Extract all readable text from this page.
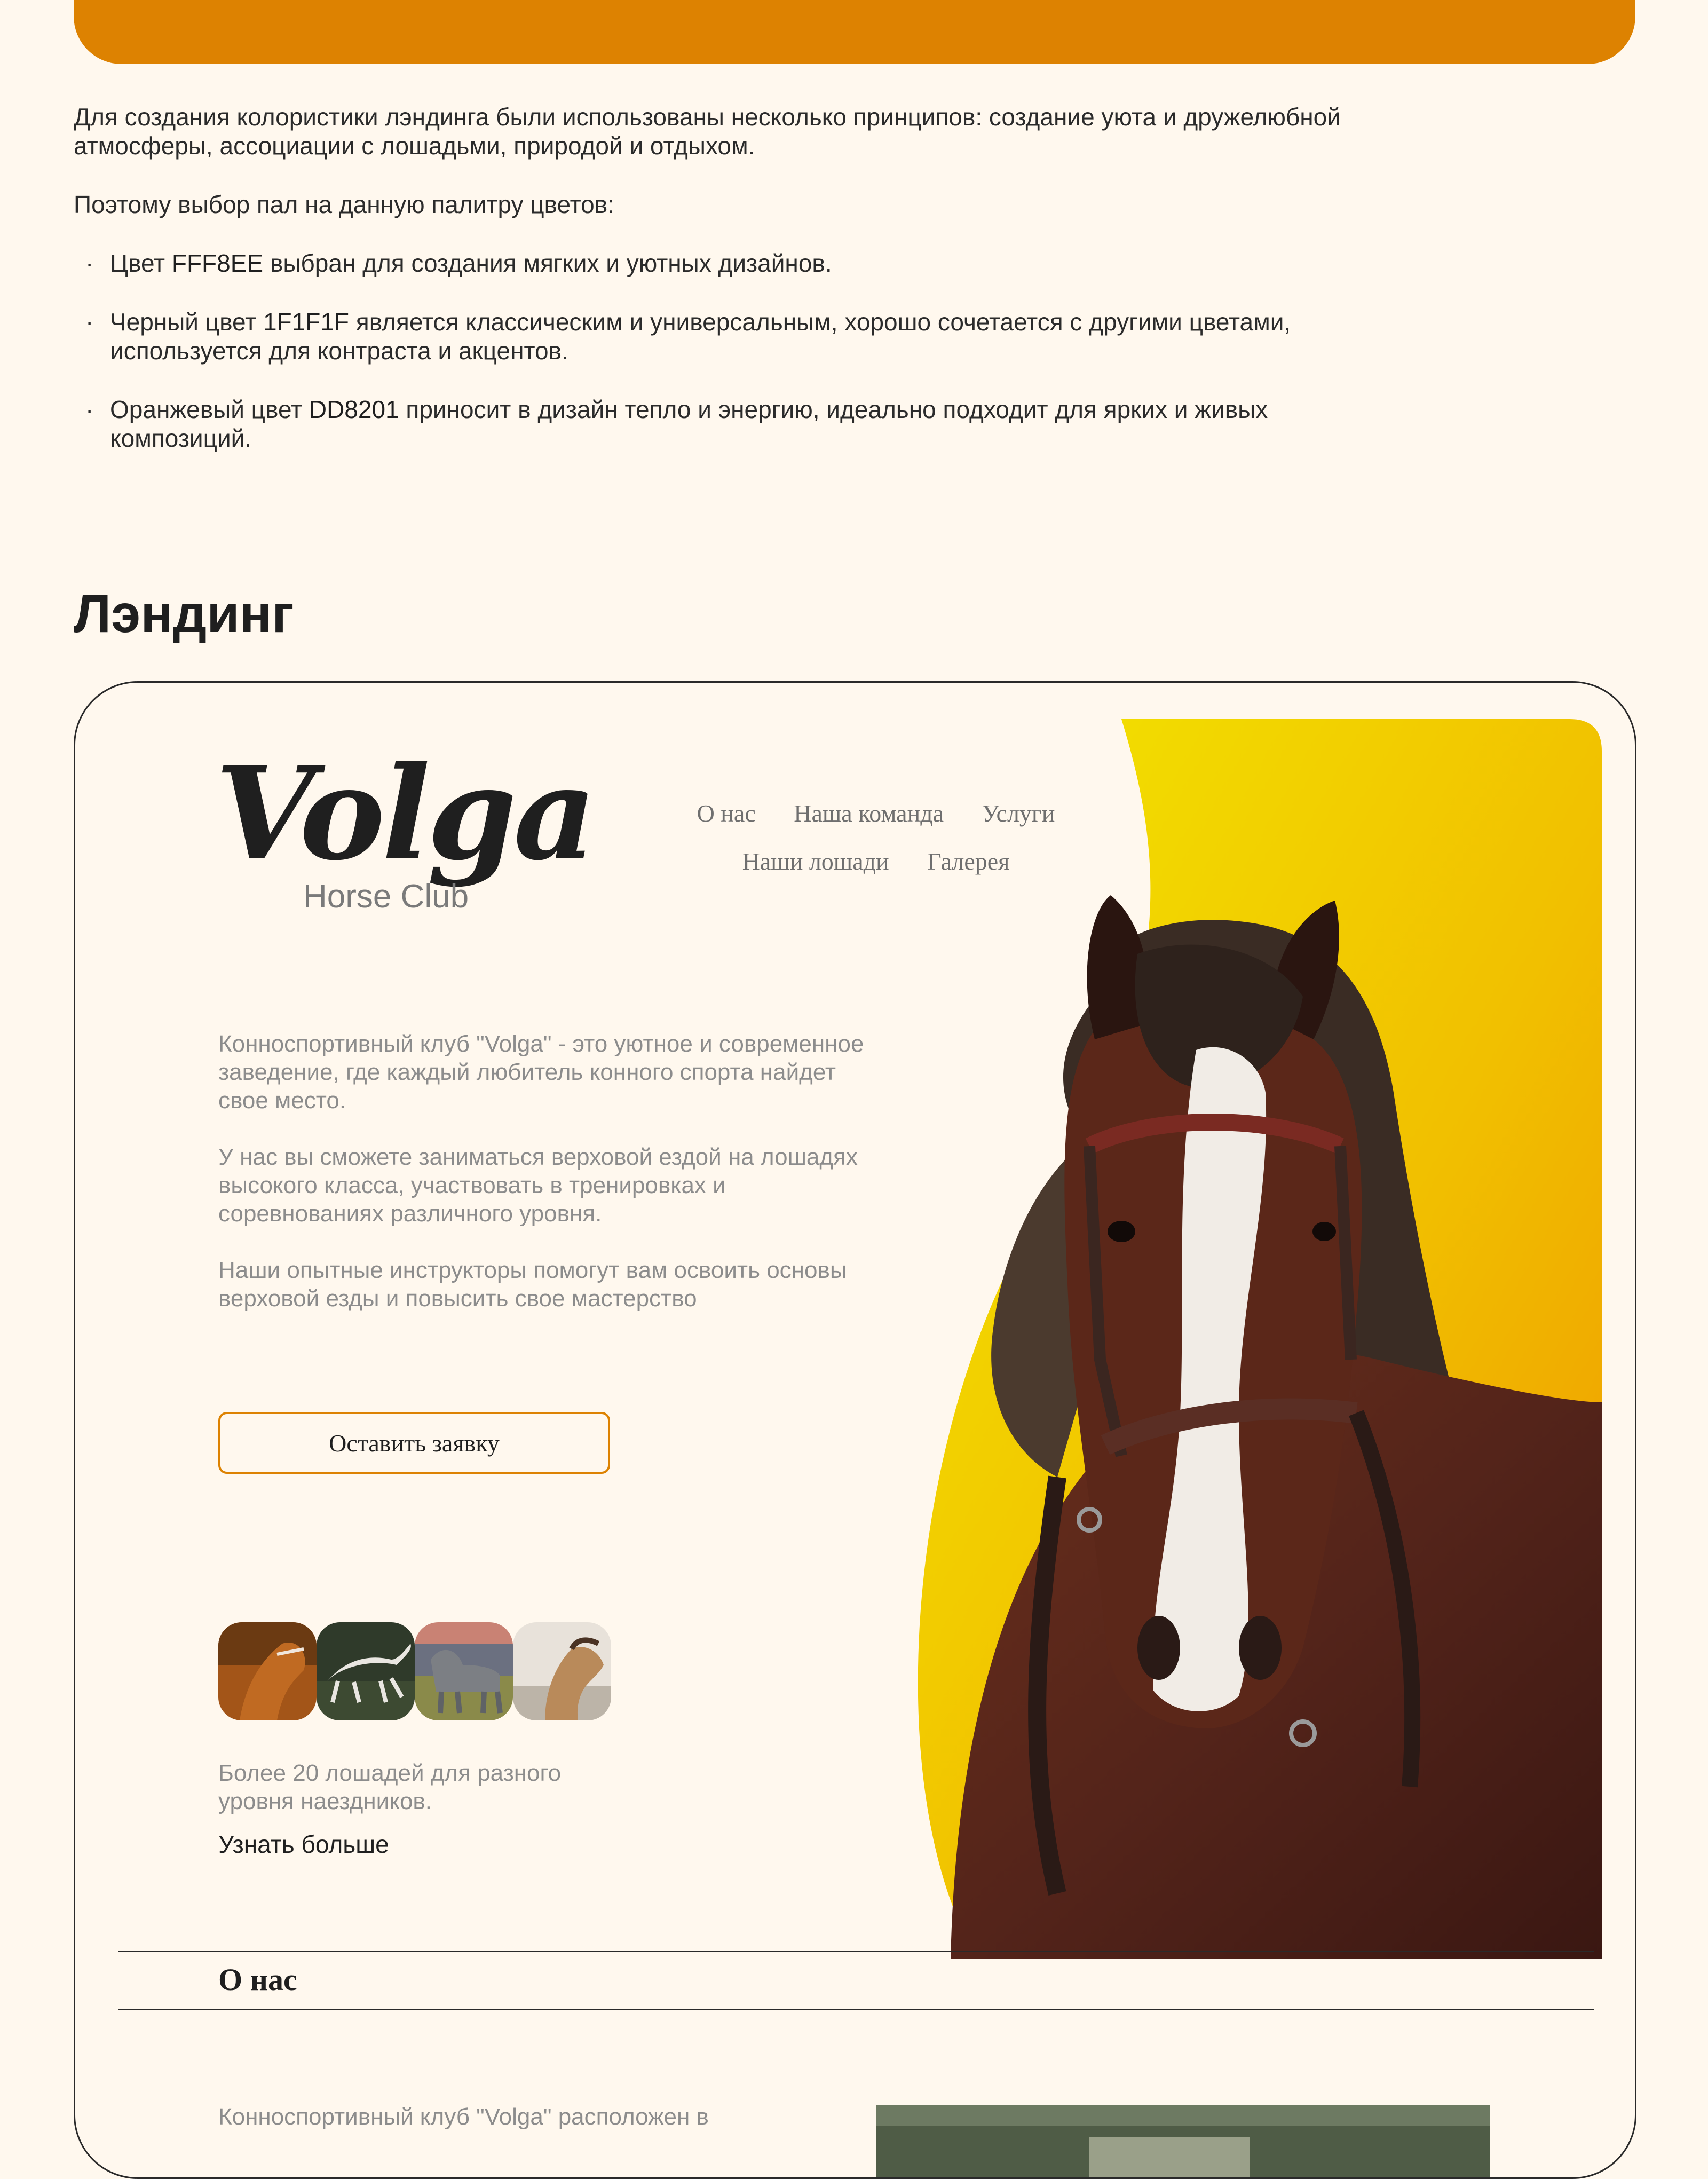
Для создания колористики лэндинга были использованы несколько принципов: создание уюта и дружелюбной атмосферы, ассоциации с лошадьми, природой и отдыхом.

Поэтому выбор пал на данную палитру цветов:

· Цвет FFF8EE выбран для создания мягких и уютных дизайнов.
· Черный цвет 1F1F1F является классическим и универсальным, хорошо сочетается с другими цветами, используется для контраста и акцентов.
· Оранжевый цвет DD8201 приносит в дизайн тепло и энергию, идеально подходит для ярких и живых композиций.
Лэндинг
Volga
Horse Club
О нас Наша команда Услуги
Наши лошади Галерея

Конноспортивный клуб "Volga" - это уютное и современное заведение, где каждый любитель конного спорта найдет свое место.

У нас вы сможете заниматься верховой ездой на лошадях высокого класса, участвовать в тренировках и соревнованиях различного уровня.

Наши опытные инструкторы помогут вам освоить основы верховой езды и повысить свое мастерство

Оставить заявку
Более 20 лошадей для разного уровня наездников.
Узнать больше
О нас
Конноспортивный клуб "Volga" расположен в
